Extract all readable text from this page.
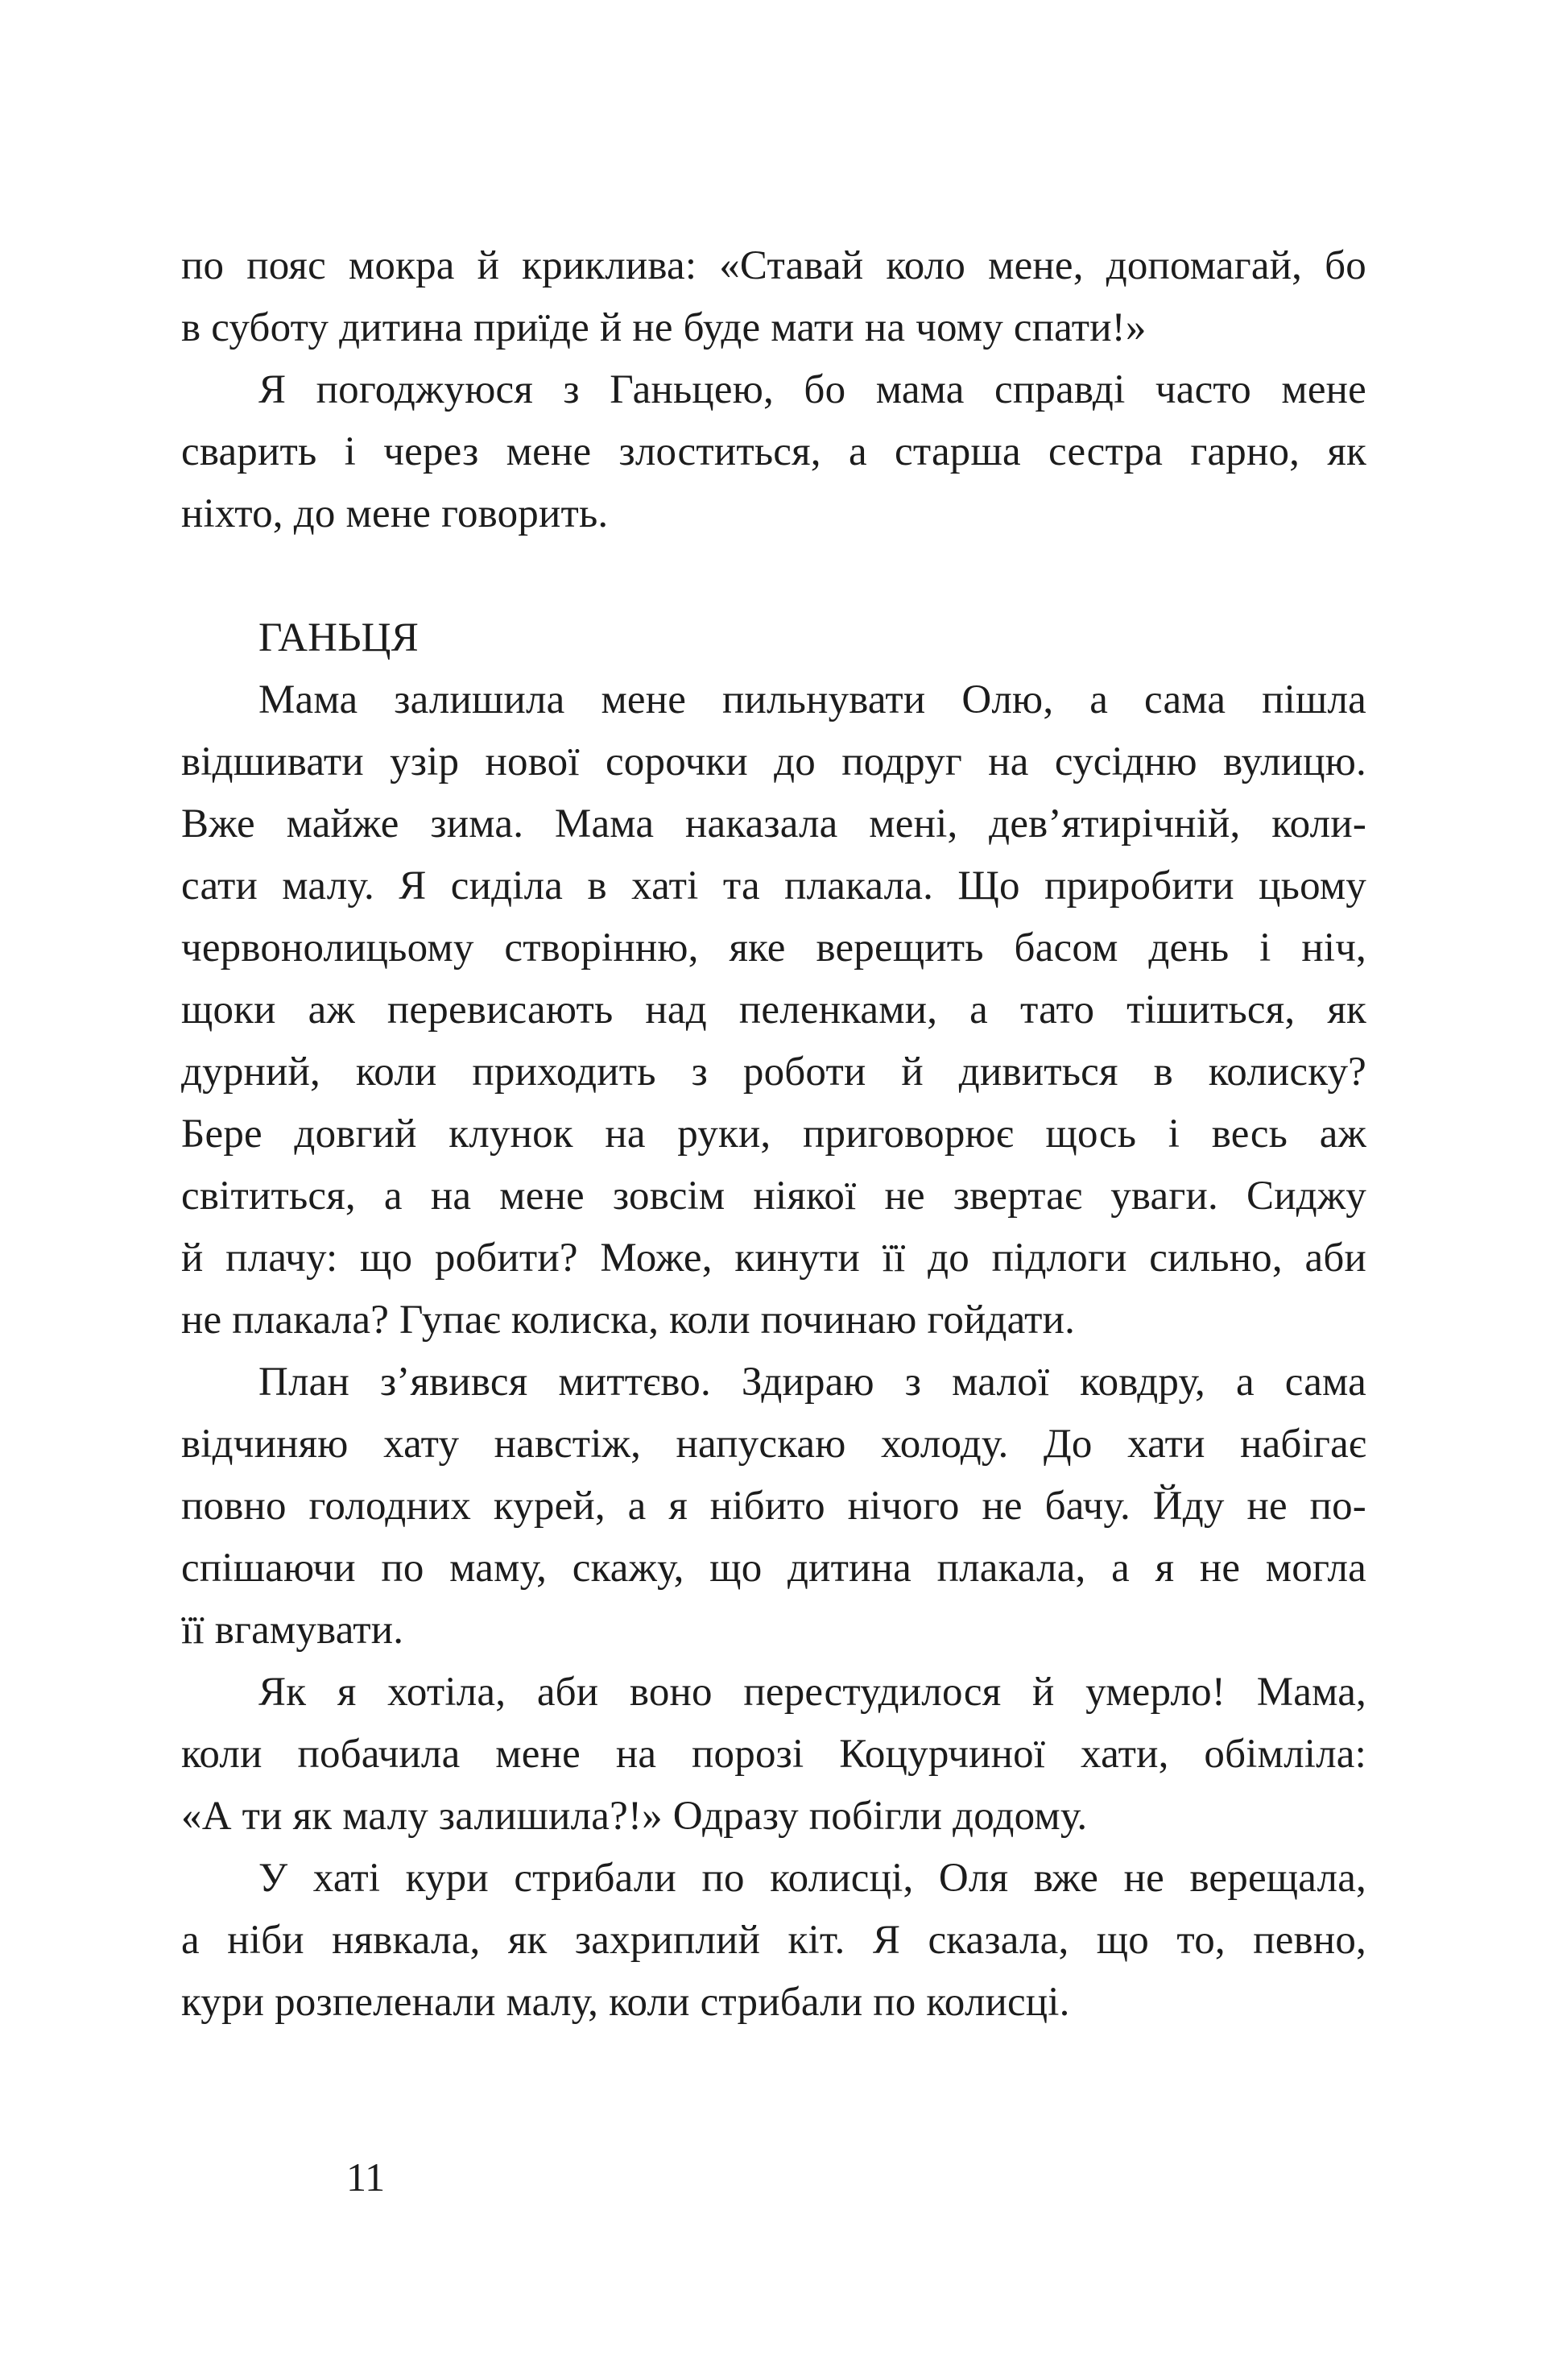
по пояс мокра й криклива: «Ставай коло мене, допомагай, бо
в суботу дитина приїде й не буде мати на чому спати!»
Я погоджуюся з Ганьцею, бо мама справді часто мене
сварить і через мене злоститься, а старша сестра гарно, як
ніхто, до мене говорить.
ГАНЬЦЯ
Мама залишила мене пильнувати Олю, а сама пішла
відшивати узір нової сорочки до подруг на сусідню вулицю.
Вже майже зима. Мама наказала мені, дев’ятирічній, коли-
сати малу. Я сиділа в хаті та плакала. Що приробити цьому
червонолицьому створінню, яке верещить басом день і ніч,
щоки аж перевисають над пеленками, а тато тішиться, як
дурний, коли приходить з роботи й дивиться в колиску?
Бере довгий клунок на руки, приговорює щось і весь аж
світиться, а на мене зовсім ніякої не звертає уваги. Сиджу
й плачу: що робити? Може, кинути її до підлоги сильно, аби
не плакала? Гупає колиска, коли починаю гойдати.
План з’явився миттєво. Здираю з малої ковдру, а сама
відчиняю хату навстіж, напускаю холоду. До хати набігає
повно голодних курей, а я нібито нічого не бачу. Йду не по-
спішаючи по маму, скажу, що дитина плакала, а я не могла
її вгамувати.
Як я хотіла, аби воно перестудилося й умерло! Мама,
коли побачила мене на порозі Коцурчиної хати, обімліла:
«А ти як малу залишила?!» Одразу побігли додому.
У хаті кури стрибали по колисці, Оля вже не верещала,
а ніби нявкала, як захриплий кіт. Я сказала, що то, певно,
кури розпеленали малу, коли стрибали по колисці.
11
